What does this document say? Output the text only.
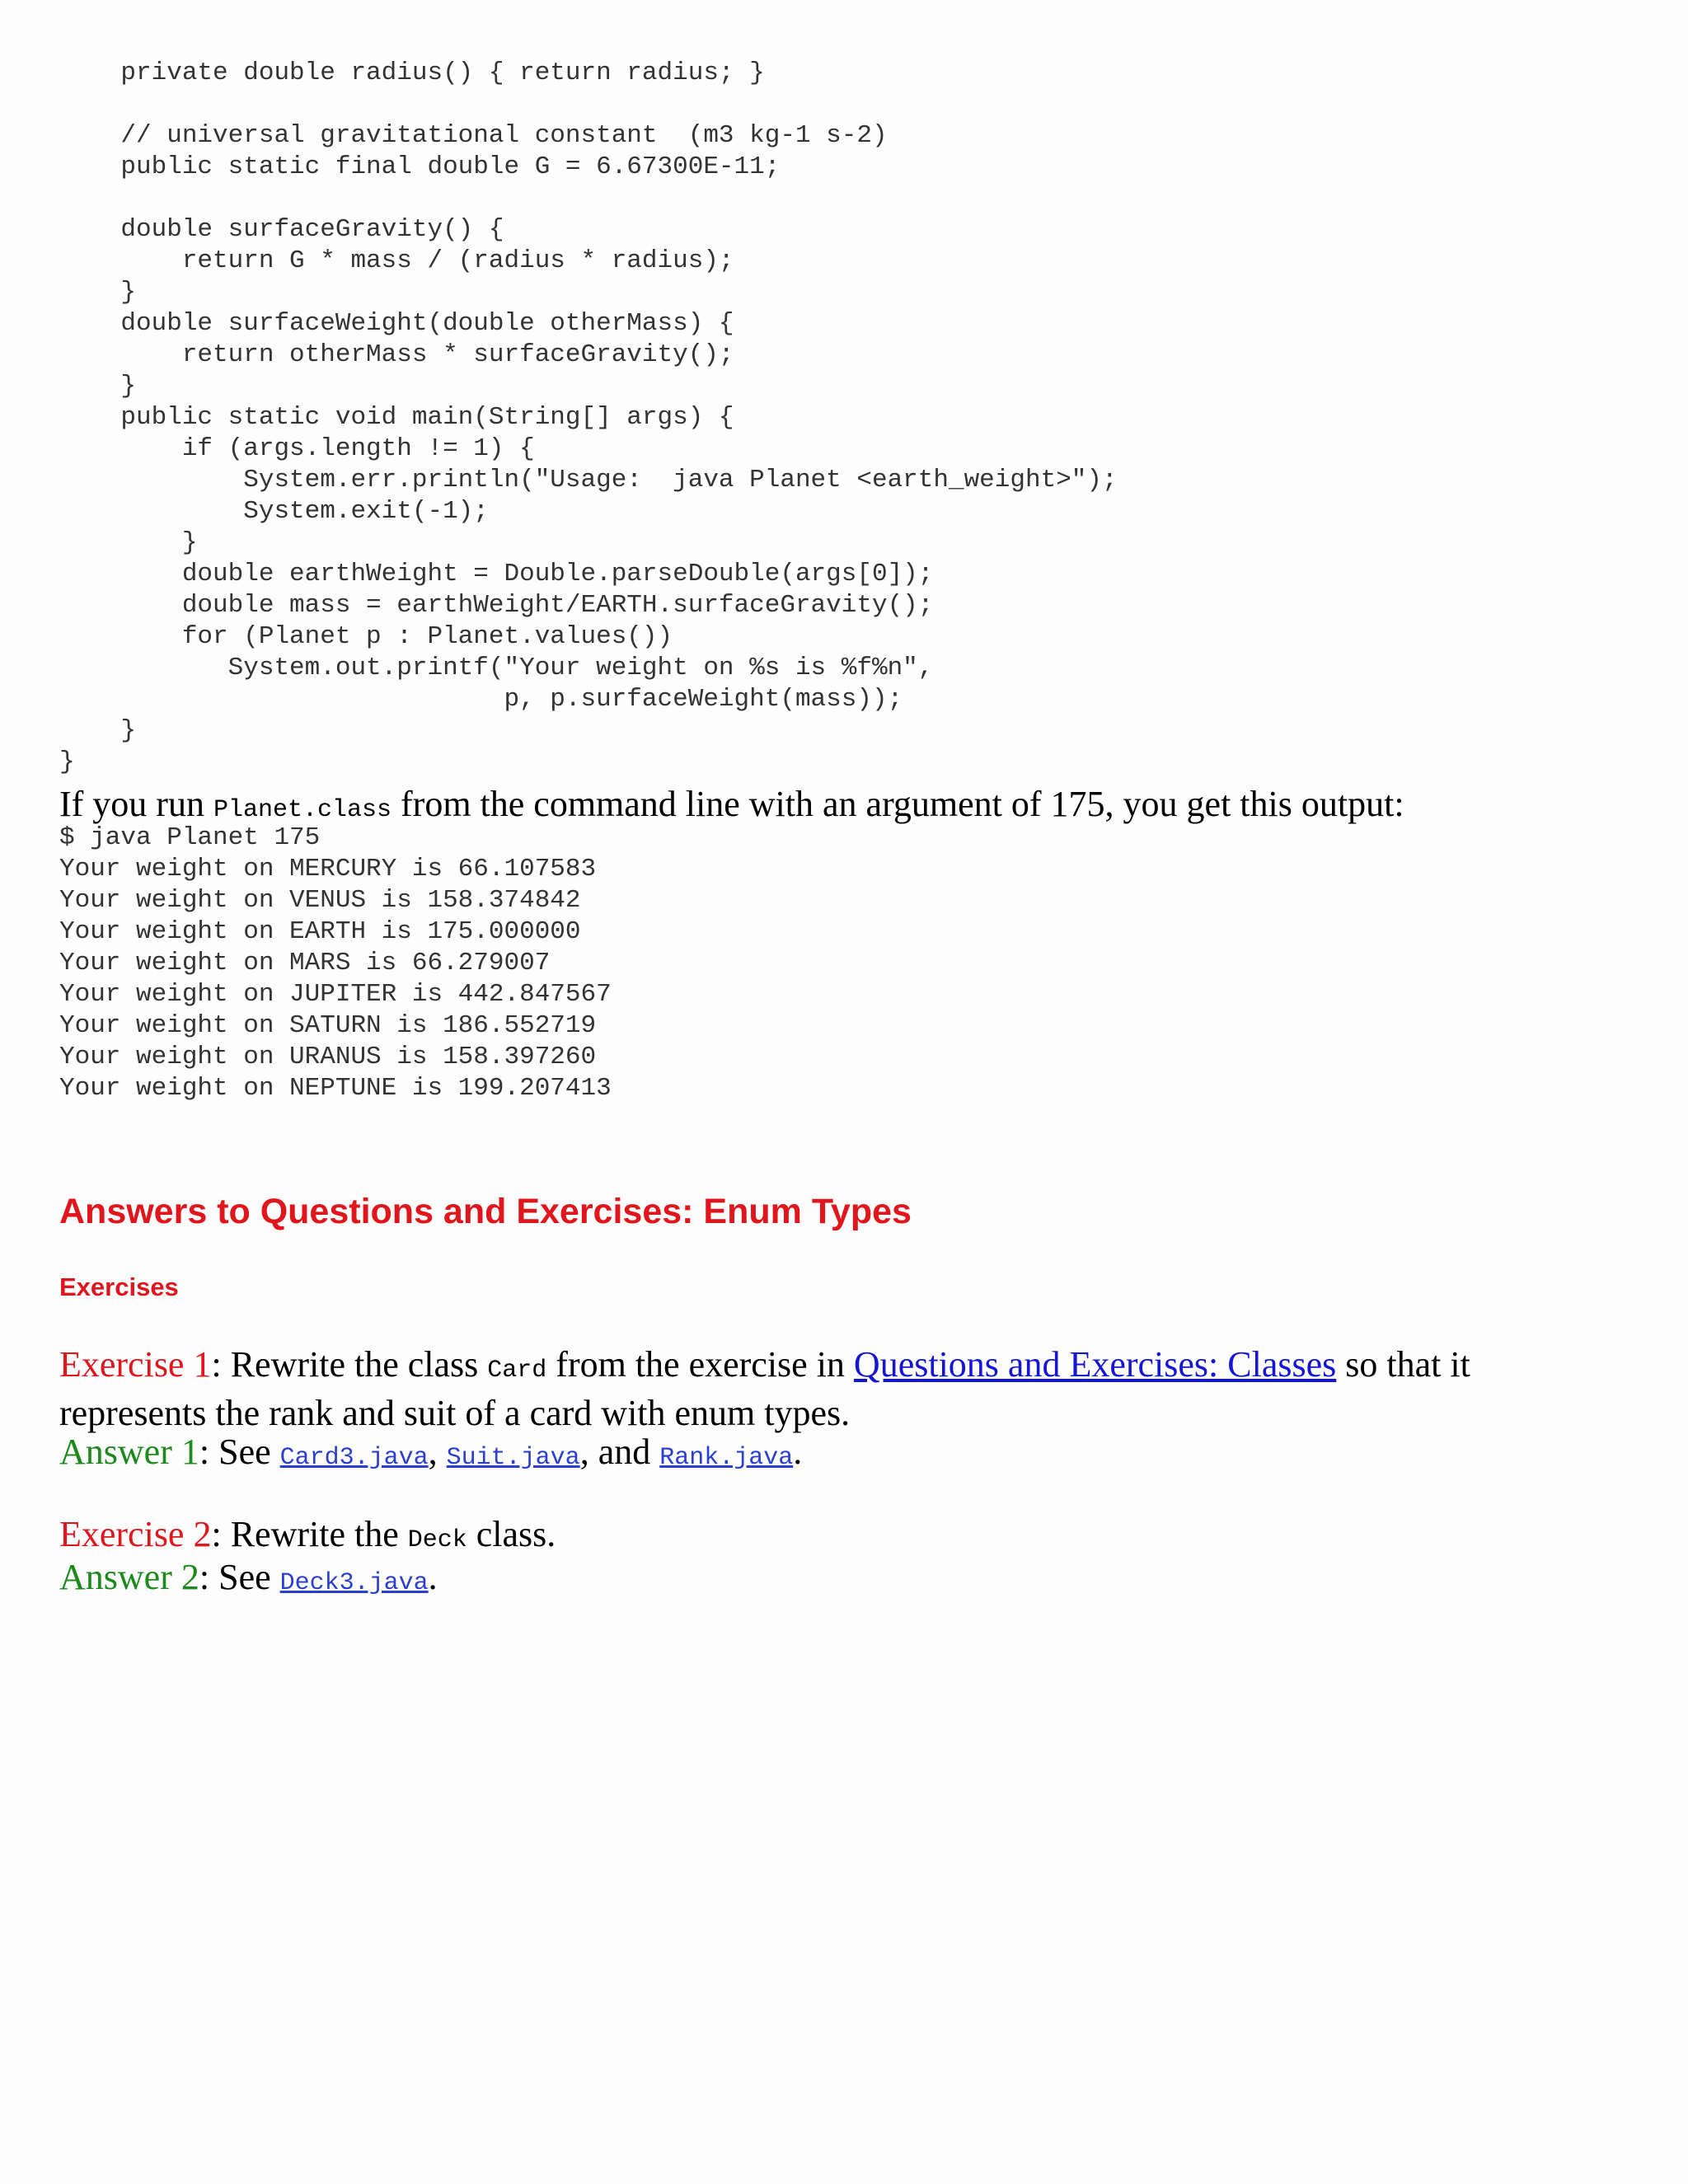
private double radius() { return radius; }

// universal gravitational constant  (m3 kg-1 s-2)
public static final double G = 6.67300E-11;

double surfaceGravity() {
return G * mass / (radius * radius);
}
double surfaceWeight(double otherMass) {
return otherMass * surfaceGravity();
}
public static void main(String[] args) {
if (args.length != 1) {
System.err.println("Usage:  java Planet <earth_weight>");
System.exit(-1);
}
double earthWeight = Double.parseDouble(args[0]);
double mass = earthWeight/EARTH.surfaceGravity();
for (Planet p : Planet.values())
System.out.printf("Your weight on %s is %f%n",
p, p.surfaceWeight(mass));
}
}

If you run Planet.class from the command line with an argument of 175, you get this output:

$ java Planet 175
Your weight on MERCURY is 66.107583
Your weight on VENUS is 158.374842
Your weight on EARTH is 175.000000
Your weight on MARS is 66.279007
Your weight on JUPITER is 442.847567
Your weight on SATURN is 186.552719
Your weight on URANUS is 158.397260
Your weight on NEPTUNE is 199.207413
Answers to Questions and Exercises: Enum Types
Exercises

Exercise 1: Rewrite the class Card from the exercise in Questions and Exercises: Classes so that it represents the rank and suit of a card with enum types.

Answer 1: See Card3.java, Suit.java, and Rank.java.

Exercise 2: Rewrite the Deck class.

Answer 2: See Deck3.java.
